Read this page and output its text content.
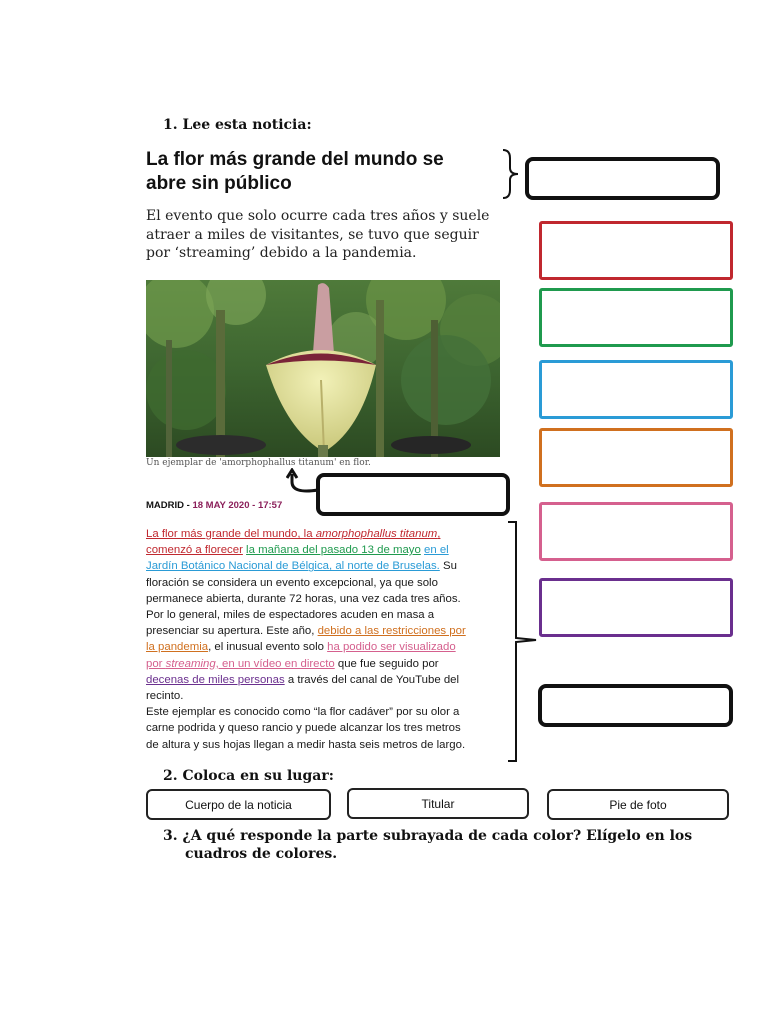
1. Lee esta noticia:
La flor más grande del mundo se
abre sin público
El evento que solo ocurre cada tres años y suele
atraer a miles de visitantes, se tuvo que seguir
por ‘streaming’ debido a la pandemia.
Un ejemplar de 'amorphophallus titanum' en flor.
MADRID - 18 MAY 2020 - 17:57
La flor más grande del mundo, la amorphophallus titanum,
comenzó a florecer la mañana del pasado 13 de mayo en el
Jardín Botánico Nacional de Bélgica, al norte de Bruselas. Su
floración se considera un evento excepcional, ya que solo
permanece abierta, durante 72 horas, una vez cada tres años.
Por lo general, miles de espectadores acuden en masa a
presenciar su apertura. Este año, debido a las restricciones por
la pandemia, el inusual evento solo ha podido ser visualizado
por streaming, en un vídeo en directo que fue seguido por
decenas de miles personas a través del canal de YouTube del
recinto.
Este ejemplar es conocido como “la flor cadáver” por su olor a
carne podrida y queso rancio y puede alcanzar los tres metros
de altura y sus hojas llegan a medir hasta seis metros de largo.
2. Coloca en su lugar:
Cuerpo de la noticia	Titular	Pie de foto
3. ¿A qué responde la parte subrayada de cada color? Elígelo en los
cuadros de colores.
